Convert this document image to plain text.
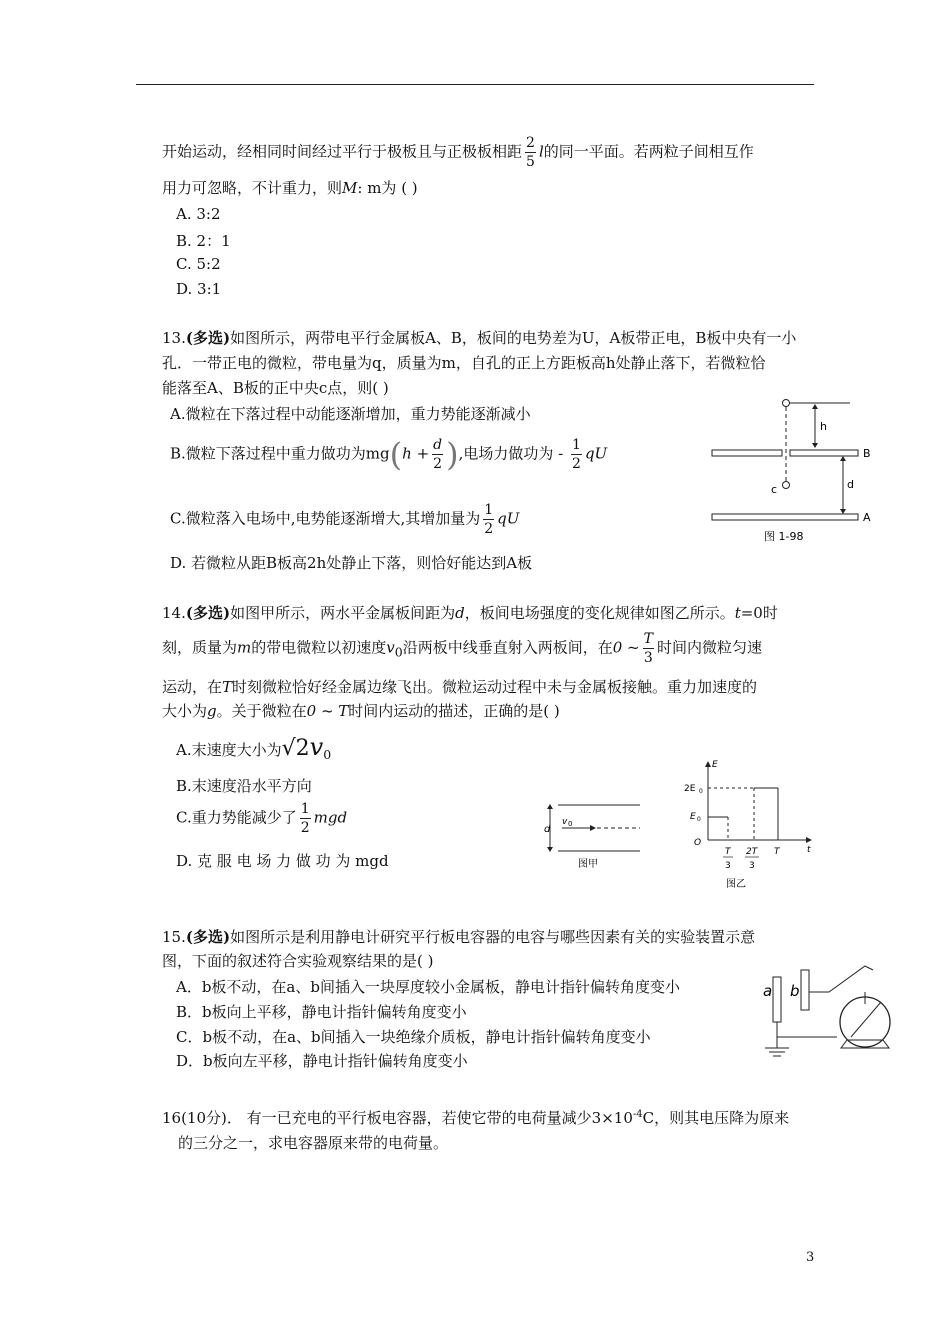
开始运动，经相同时间经过平行于极板且与正极板相距 $\frac{2}{5}$ l的同一平面。若两粒子间相互作
用力可忽略，不计重力，则M: m为 ( )
A. 3:2
B. 2：1
C. 5:2
D. 3:1
13.(多选)如图所示，两带电平行金属板A、B，板间的电势差为U，A板带正电，B板中央有一小
孔．一带正电的微粒，带电量为q，质量为m，自孔的正上方距板高h处静止落下，若微粒恰
能落至A、B板的正中央c点，则( )
A.微粒在下落过程中动能逐渐增加，重力势能逐渐减小
B.微粒下落过程中重力做功为$mg(h + \frac{d}{2}$ ),电场力做功为 - $\frac{1}{2}$ qU
C.微粒落入电场中,电势能逐渐增大,其增加量为 $\frac{1}{2}$ qU
D. 若微粒从距B板高2h处静止下落，则恰好能达到A板
h
B
c	d
A
图 1-98
14.(多选)如图甲所示，两水平金属板间距为d，板间电场强度的变化规律如图乙所示。t=0时
刻，质量为m的带电微粒以初速度$v_0$沿两板中线垂直射入两板间，在0 ~ $\frac{T}{3}$ 时间内微粒匀速
运动，在T时刻微粒恰好经金属边缘飞出。微粒运动过程中未与金属板接触。重力加速度的
大小为g。关于微粒在0 ~ T时间内运动的描述，正确的是( )
A.末速度大小为$√2v_0$
B.末速度沿水平方向
C.重力势能减少了 $\frac{1}{2}$ mgd
D. 克 服 电 场 力 做 功 为 mgd
d
v 0
图甲
E
2E 0
E 0
O
T
3
2T
3
T	t
图乙
15.(多选)如图所示是利用静电计研究平行板电容器的电容与哪些因素有关的实验装置示意
图，下面的叙述符合实验观察结果的是( )
A．b板不动，在a、b间插入一块厚度较小金属板，静电计指针偏转角度变小
B．b板向上平移，静电计指针偏转角度变小
C．b板不动，在a、b间插入一块绝缘介质板，静电计指针偏转角度变小
D．b板向左平移，静电计指针偏转角度变小
a b
16(10分)． 有一已充电的平行板电容器，若使它带的电荷量减少$3\times 10^{-4}C$，则其电压降为原来
的三分之一，求电容器原来带的电荷量。
3
